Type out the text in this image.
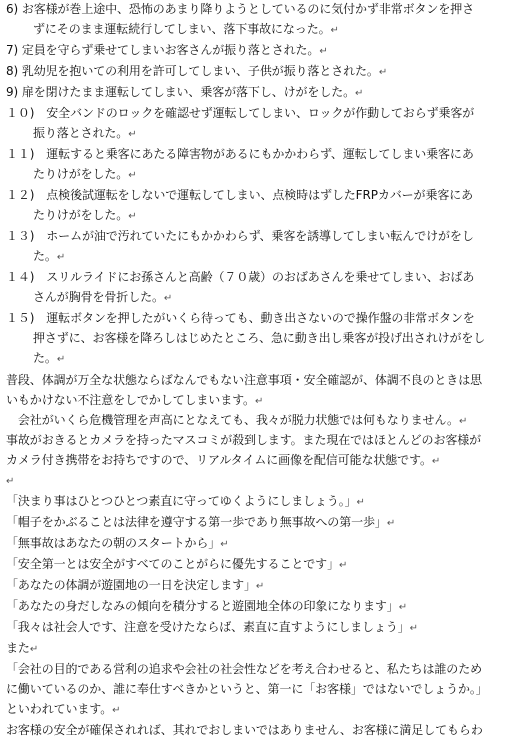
6) お客様が巻上途中、恐怖のあまり降りようとしているのに気付かず非常ボタンを押さ
ずにそのまま運転続行してしまい、落下事故になった。↵
7) 定員を守らず乗せてしまいお客さんが振り落とされた。↵
8) 乳幼児を抱いての利用を許可してしまい、子供が振り落とされた。↵
9) 扉を閉けたまま運転してしまい、乗客が落下し、けがをした。↵
１０)　安全バンドのロックを確認せず運転してしまい、ロックが作動しておらず乗客が
振り落とされた。↵
１１)　運転すると乗客にあたる障害物があるにもかかわらず、運転してしまい乗客にあ
たりけがをした。↵
１２)　点検後試運転をしないで運転してしまい、点検時はずしたFRPカバーが乗客にあ
たりけがをした。↵
１３)　ホームが油で汚れていたにもかかわらず、乗客を誘導してしまい転んでけがをし
た。↵
１４)　スリルライドにお孫さんと高齢（７０歳）のおばあさんを乗せてしまい、おばあ
さんが胸骨を骨折した。↵
１５)　運転ボタンを押したがいくら待っても、動き出さないので操作盤の非常ボタンを
押さずに、お客様を降ろしはじめたところ、急に動き出し乗客が投げ出されけがをし
た。↵
普段、体調が万全な状態ならばなんでもない注意事項・安全確認が、体調不良のときは思
いもかけない不注意をしでかしてしまいます。↵
　会社がいくら危機管理を声高にとなえても、我々が脱力状態では何もなりません。↵
事故がおきるとカメラを持ったマスコミが殺到します。また現在ではほとんどのお客様が
カメラ付き携帯をお持ちですので、リアルタイムに画像を配信可能な状態です。↵
↵
「決まり事はひとつひとつ素直に守ってゆくようにしましょう。」↵
「帽子をかぶることは法律を遵守する第一歩であり無事故への第一歩」↵
「無事故はあなたの朝のスタートから」↵
「安全第一とは安全がすべてのことがらに優先することです」↵
「あなたの体調が遊園地の一日を決定します」↵
「あなたの身だしなみの傾向を積分すると遊園地全体の印象になります」↵
「我々は社会人です、注意を受けたならば、素直に直すようにしましょう」↵
また↵
「会社の目的である営利の追求や会社の社会性などを考え合わせると、私たちは誰のため
に働いているのか、誰に奉仕すべきかというと、第一に「お客様」ではないでしょうか。」
といわれています。↵
お客様の安全が確保されれば、其れでおしまいではありません、お客様に満足してもらわ
